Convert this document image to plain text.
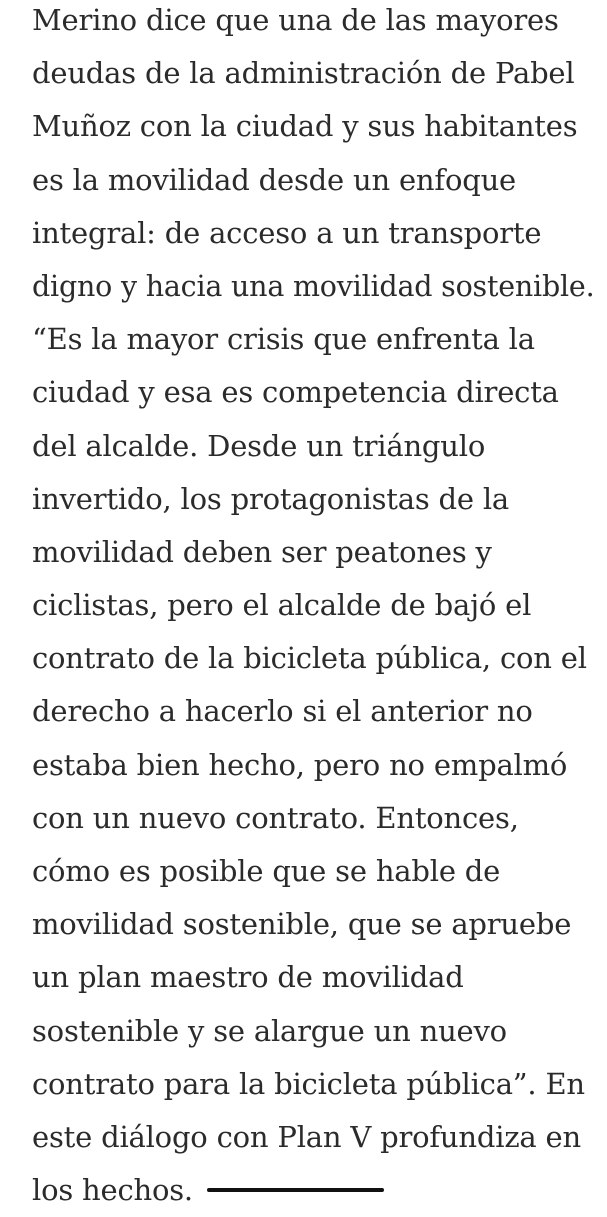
Merino dice que una de las mayores
deudas de la administración de Pabel
Muñoz con la ciudad y sus habitantes
es la movilidad desde un enfoque
integral: de acceso a un transporte
digno y hacia una movilidad sostenible.
“Es la mayor crisis que enfrenta la
ciudad y esa es competencia directa
del alcalde. Desde un triángulo
invertido, los protagonistas de la
movilidad deben ser peatones y
ciclistas, pero el alcalde de bajó el
contrato de la bicicleta pública, con el
derecho a hacerlo si el anterior no
estaba bien hecho, pero no empalmó
con un nuevo contrato. Entonces,
cómo es posible que se hable de
movilidad sostenible, que se apruebe
un plan maestro de movilidad
sostenible y se alargue un nuevo
contrato para la bicicleta pública”. En
este diálogo con Plan V profundiza en
los hechos.
